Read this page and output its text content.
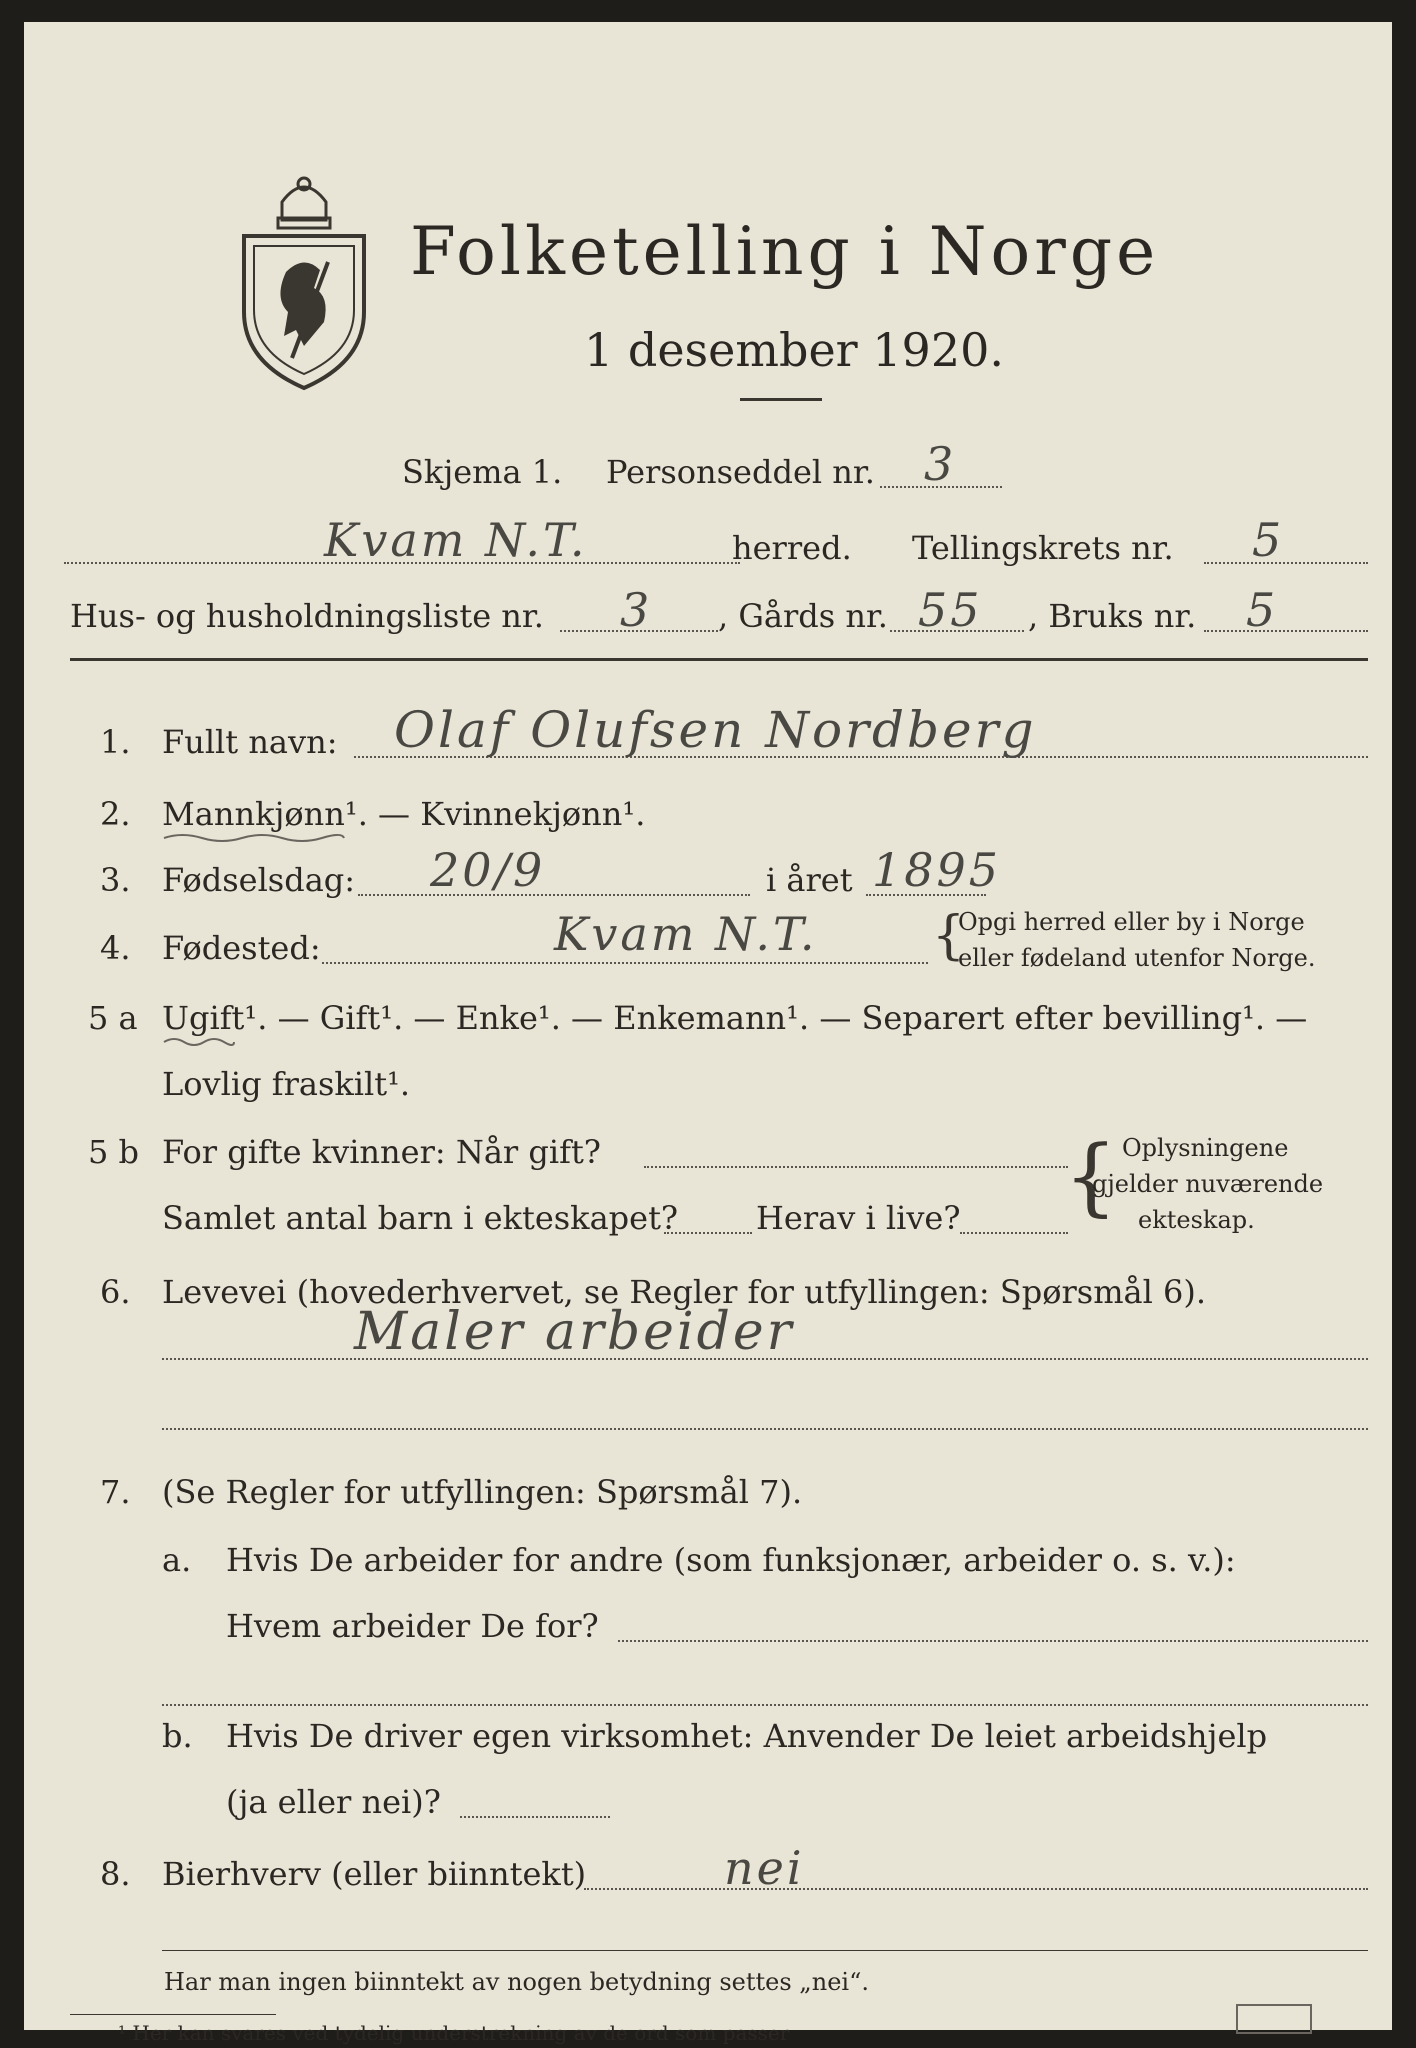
Folketelling i Norge
1 desember 1920.
Skjema 1. Personseddel nr. 3
Kvam N.T.	herred. Tellingskrets nr. 5
Hus- og husholdningsliste nr. 3 , Gårds nr. 55 , Bruks nr. 5
1. Fullt navn: Olaf Olufsen Nordberg
2. Mannkjønn¹. — Kvinnekjønn¹.
3. Fødselsdag: 20/9	i året 1895
4. Fødested:	Kvam N.T. {
Opgi herred eller by i Norge
eller fødeland utenfor Norge.
5 a Ugift¹. — Gift¹. — Enke¹. — Enkemann¹. — Separert efter bevilling¹. —
Lovlig fraskilt¹.
5 b For gifte kvinner: Når gift?
Samlet antal barn i ekteskapet? Herav i live? { Oplysningene
gjelder nuværende
ekteskap.
6. Levevei (hovederhvervet, se Regler for utfyllingen: Spørsmål 6).
Maler arbeider
7. (Se Regler for utfyllingen: Spørsmål 7).
a. Hvis De arbeider for andre (som funksjonær, arbeider o. s. v.):
Hvem arbeider De for?
b. Hvis De driver egen virksomhet: Anvender De leiet arbeidshjelp
(ja eller nei)?
8. Bierhverv (eller biinntekt)	nei
Har man ingen biinntekt av nogen betydning settes „nei“.
¹ Her kan svares ved tydelig understrekning av de ord som passer
